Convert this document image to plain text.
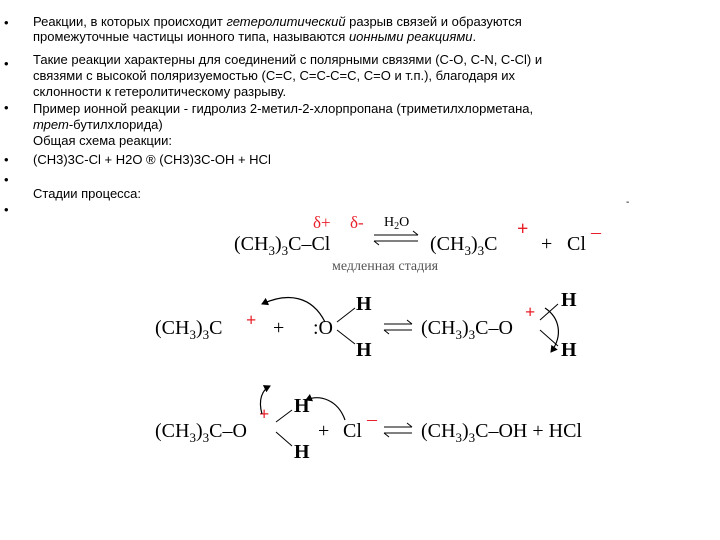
•
•
•
•
•
•
Реакции, в которых происходит гетеролитический разрыв связей и образуются
промежуточные частицы ионного типа, называются ионными реакциями.
Такие реакции характерны для соединений с полярными связями (С-O, C-N, C-Cl) и
связями с высокой поляризуемостью (C=C, C=C-C=C, C=O и т.п.), благодаря их
склонности к гетеролитическому разрыву.
Пример ионной реакции - гидролиз 2-метил-2-хлорпропана (триметилхлорметана,
трет-бутилхлорида)
Общая схема реакции:
(CH3)3C-Cl + H2O ® (CH3)3C-OH + HCl
Стадии процесса:
-
δ+ δ- $H_2O$
$(CH_3)_3C-Cl$	$(CH_3)_3C$
+
+ Cl
–
медленная стадия
$(CH_3)_3C$ + + :O
H
H
$(CH_3)_3C-O$
+
H
H
$(CH_3)_3C-O$
+ H
H
+ Cl
–
$(CH_3)_3C-OH$ + HCl
